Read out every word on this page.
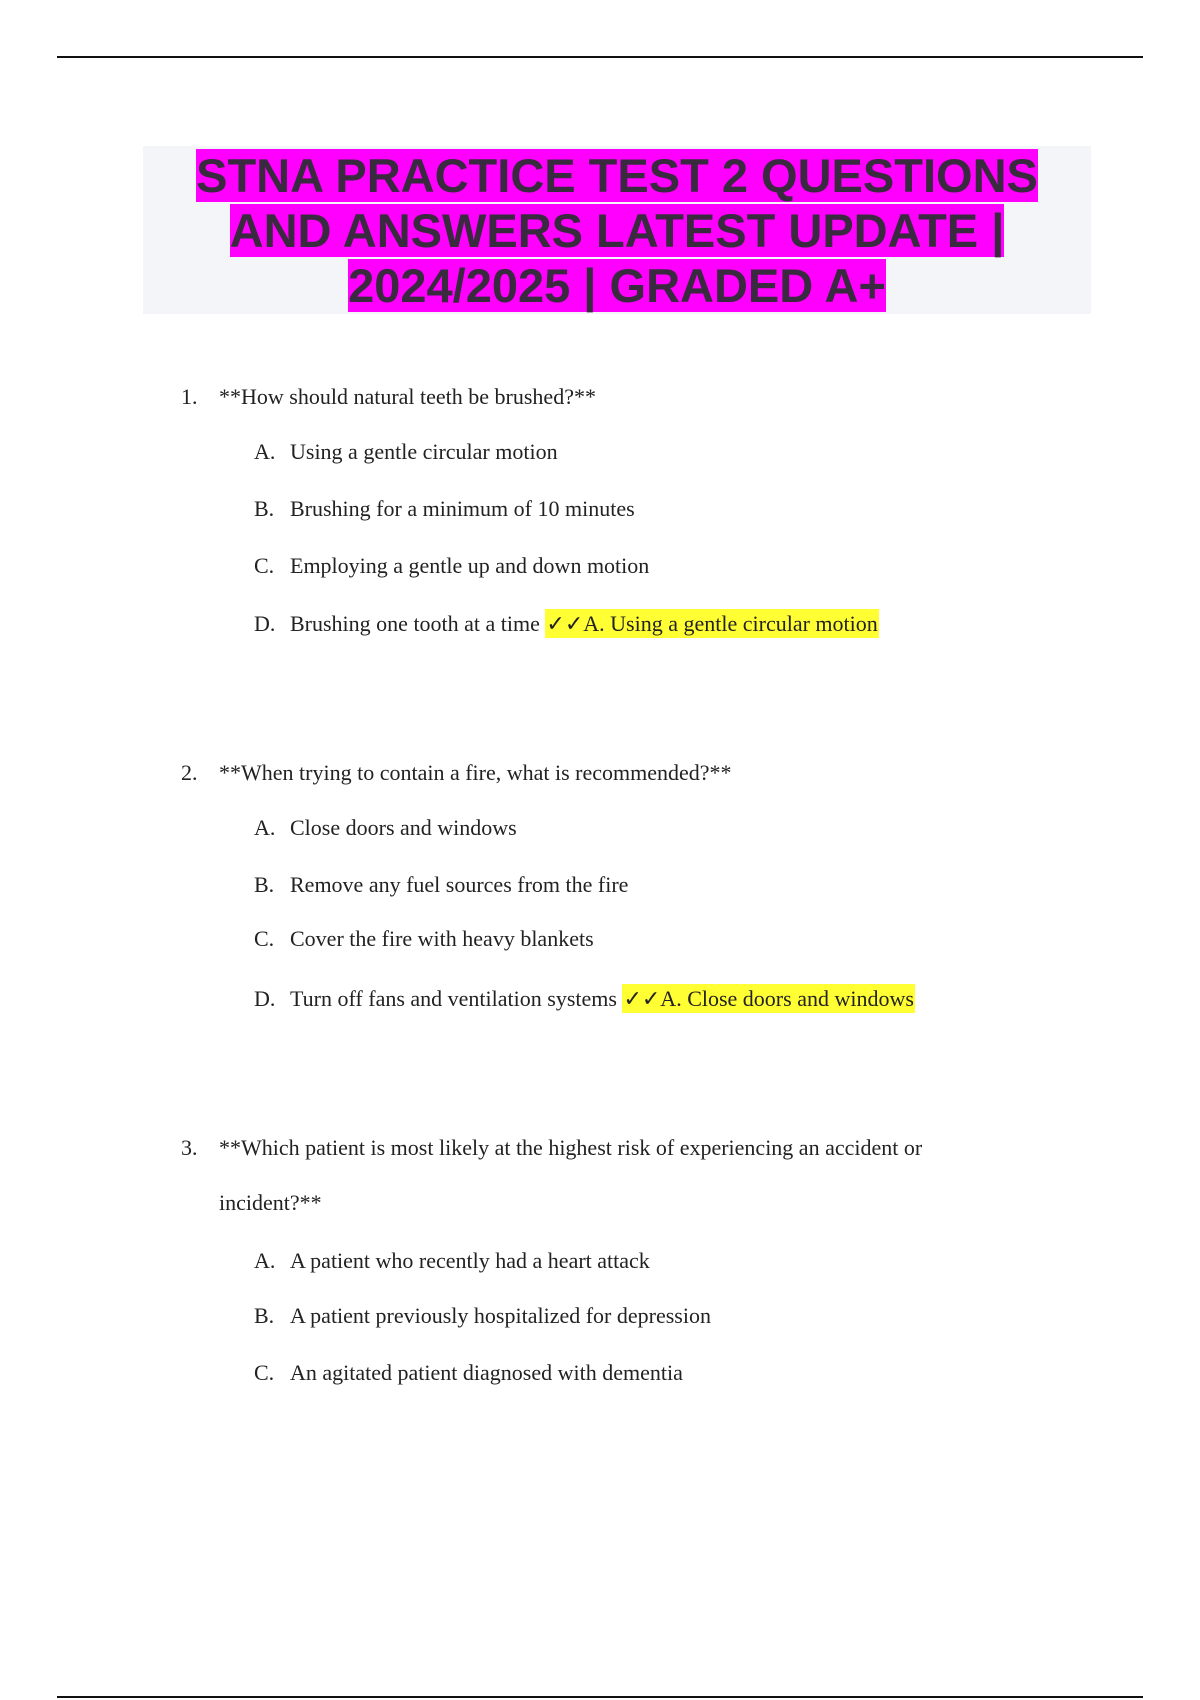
STNA PRACTICE TEST 2 QUESTIONS
AND ANSWERS LATEST UPDATE |
2024/2025 | GRADED A+
1. **How should natural teeth be brushed?**
A. Using a gentle circular motion
B. Brushing for a minimum of 10 minutes
C. Employing a gentle up and down motion
D. Brushing one tooth at a time ✓✓A. Using a gentle circular motion
2. **When trying to contain a fire, what is recommended?**
A. Close doors and windows
B. Remove any fuel sources from the fire
C. Cover the fire with heavy blankets
D. Turn off fans and ventilation systems ✓✓A. Close doors and windows
3. **Which patient is most likely at the highest risk of experiencing an accident or
incident?**
A. A patient who recently had a heart attack
B. A patient previously hospitalized for depression
C. An agitated patient diagnosed with dementia
